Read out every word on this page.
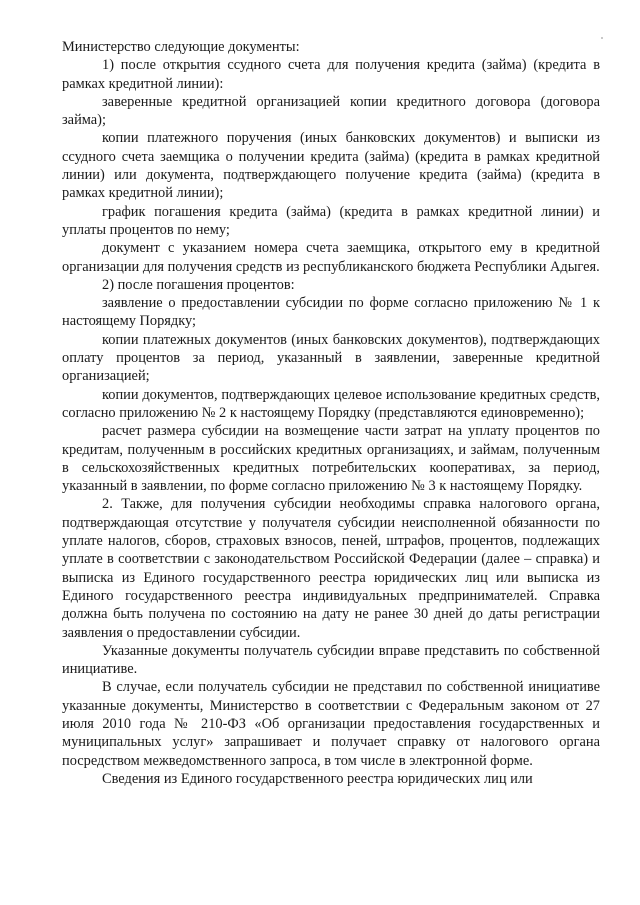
Министерство следующие документы:

1) после открытия ссудного счета для получения кредита (займа) (кредита в рамках кредитной линии):

заверенные кредитной организацией копии кредитного договора (договора займа);

копии платежного поручения (иных банковских документов) и выписки из ссудного счета заемщика о получении кредита (займа) (кредита в рамках кредитной линии) или документа, подтверждающего получение кредита (займа) (кредита в рамках кредитной линии);

график погашения кредита (займа) (кредита в рамках кредитной линии) и уплаты процентов по нему;

документ с указанием номера счета заемщика, открытого ему в кредитной организации для получения средств из республиканского бюджета Республики Адыгея.

2) после погашения процентов:

заявление о предоставлении субсидии по форме согласно приложению № 1 к настоящему Порядку;

копии платежных документов (иных банковских документов), подтверждающих оплату процентов за период, указанный в заявлении, заверенные кредитной организацией;

копии документов, подтверждающих целевое использование кредитных средств, согласно приложению № 2 к настоящему Порядку (представляются единовременно);

расчет размера субсидии на возмещение части затрат на уплату процентов по кредитам, полученным в российских кредитных организациях, и займам, полученным в сельскохозяйственных кредитных потребительских кооперативах, за период, указанный в заявлении, по форме согласно приложению № 3 к настоящему Порядку.

2. Также, для получения субсидии необходимы справка налогового органа, подтверждающая отсутствие у получателя субсидии неисполненной обязанности по уплате налогов, сборов, страховых взносов, пеней, штрафов, процентов, подлежащих уплате в соответствии с законодательством Российской Федерации (далее – справка) и выписка из Единого государственного реестра юридических лиц или выписка из Единого государственного реестра индивидуальных предпринимателей. Справка должна быть получена по состоянию на дату не ранее 30 дней до даты регистрации заявления о предоставлении субсидии.

Указанные документы получатель субсидии вправе представить по собственной инициативе.

В случае, если получатель субсидии не представил по собственной инициативе указанные документы, Министерство в соответствии с Федеральным законом от 27 июля 2010 года № 210-ФЗ «Об организации предоставления государственных и муниципальных услуг» запрашивает и получает справку от налогового органа посредством межведомственного запроса, в том числе в электронной форме.

Сведения из Единого государственного реестра юридических лиц или
